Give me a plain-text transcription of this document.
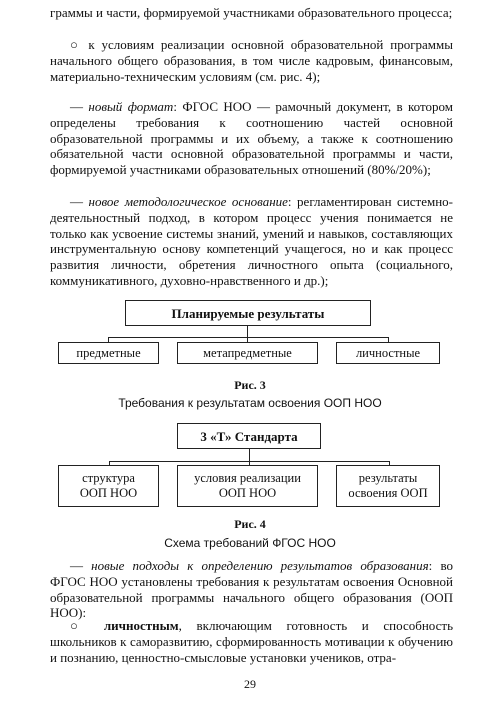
граммы и части, формируемой участниками образовательного процесса;
○ к условиям реализации основной образовательной программы начального общего образования, в том числе кадровым, финансовым, материально-техническим условиям (см. рис. 4);
— новый формат: ФГОС НОО — рамочный документ, в котором определены требования к соотношению частей основной образовательной программы и их объему, а также к соотношению обязательной части основной образовательной программы и части, формируемой участниками образовательных отношений (80%/20%);
— новое методологическое основание: регламентирован системно-деятельностный подход, в котором процесс учения понимается не только как усвоение системы знаний, умений и навыков, составляющих инструментальную основу компетенций учащегося, но и как процесс развития личности, обретения личностного опыта (социального, коммуникативного, духовно-нравственного и др.);
Планируемые результаты
предметные	метапредметные	личностные
Рис. 3
Требования к результатам освоения ООП НОО
3 «Т» Стандарта
структура
ООП НОО
условия реализации
ООП НОО
результаты
освоения ООП
Рис. 4
Схема требований ФГОС НОО
— новые подходы к определению результатов образования: во ФГОС НОО установлены требования к результатам освоения Основной образовательной программы начального общего образования (ООП НОО):
○ личностным, включающим готовность и способность школьников к саморазвитию, сформированность мотивации к обучению и познанию, ценностно-смысловые установки учеников, отра-
29
